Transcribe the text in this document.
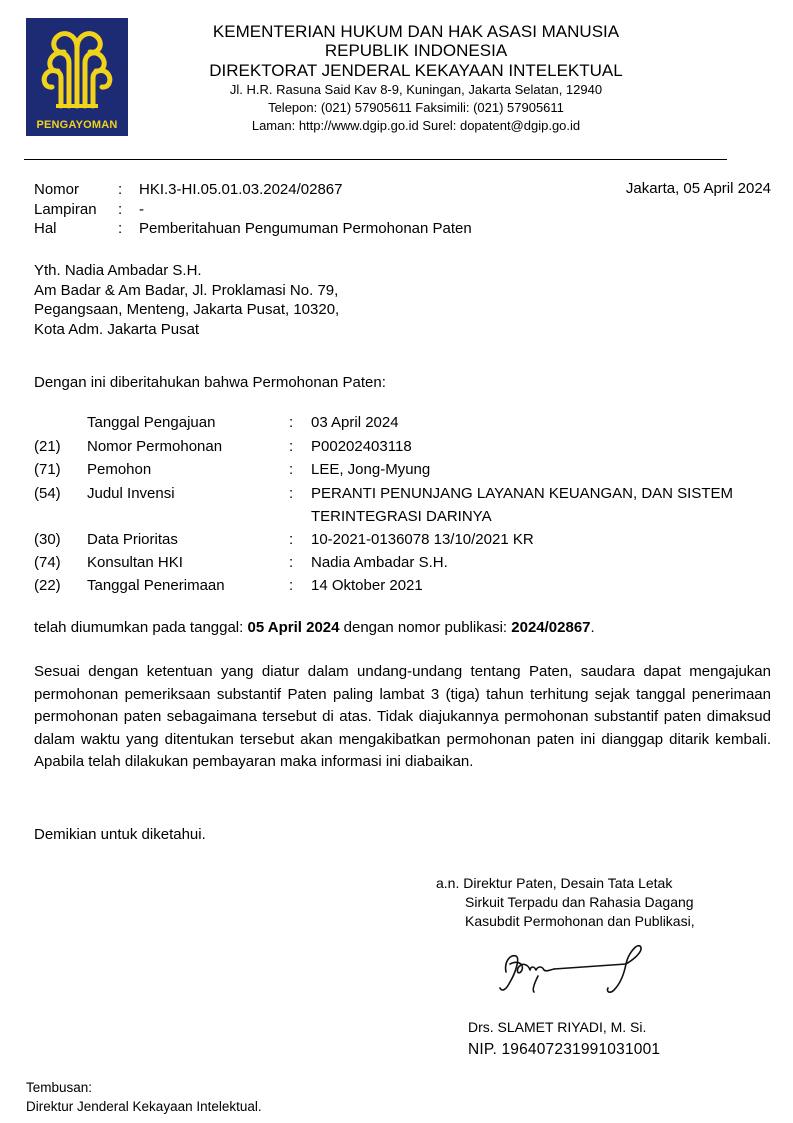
PENGAYOMAN
KEMENTERIAN HUKUM DAN HAK ASASI MANUSIA
REPUBLIK INDONESIA
DIREKTORAT JENDERAL KEKAYAAN INTELEKTUAL
Jl. H.R. Rasuna Said Kav 8-9, Kuningan, Jakarta Selatan, 12940
Telepon: (021) 57905611 Faksimili: (021) 57905611
Laman: http://www.dgip.go.id Surel: dopatent@dgip.go.id
Nomor	: HKI.3-HI.05.01.03.2024/02867
Lampiran : -
Hal	: Pemberitahuan Pengumuman Permohonan Paten
Jakarta, 05 April 2024
Yth. Nadia Ambadar S.H.
Am Badar & Am Badar, Jl. Proklamasi No. 79,
Pegangsaan, Menteng, Jakarta Pusat, 10320,
Kota Adm. Jakarta Pusat
Dengan ini diberitahukan bahwa Permohonan Paten:
Tanggal Pengajuan	: 03 April 2024
(21) Nomor Permohonan	: P00202403118
(71) Pemohon	: LEE, Jong-Myung
(54) Judul Invensi	: PERANTI PENUNJANG LAYANAN KEUANGAN, DAN SISTEM TERINTEGRASI DARINYA
(30) Data Prioritas	: 10-2021-0136078 13/10/2021 KR
(74) Konsultan HKI	: Nadia Ambadar S.H.
(22) Tanggal Penerimaan	: 14 Oktober 2021
telah diumumkan pada tanggal: 05 April 2024 dengan nomor publikasi: 2024/02867.
Sesuai dengan ketentuan yang diatur dalam undang-undang tentang Paten, saudara dapat mengajukan permohonan pemeriksaan substantif Paten paling lambat 3 (tiga) tahun terhitung sejak tanggal penerimaan permohonan paten sebagaimana tersebut di atas. Tidak diajukannya permohonan substantif paten dimaksud dalam waktu yang ditentukan tersebut akan mengakibatkan permohonan paten ini dianggap ditarik kembali. Apabila telah dilakukan pembayaran maka informasi ini diabaikan.
Demikian untuk diketahui.
a.n. Direktur Paten, Desain Tata Letak
Sirkuit Terpadu dan Rahasia Dagang
Kasubdit Permohonan dan Publikasi,
Drs. SLAMET RIYADI, M. Si.
NIP. 196407231991031001
Tembusan:
Direktur Jenderal Kekayaan Intelektual.
